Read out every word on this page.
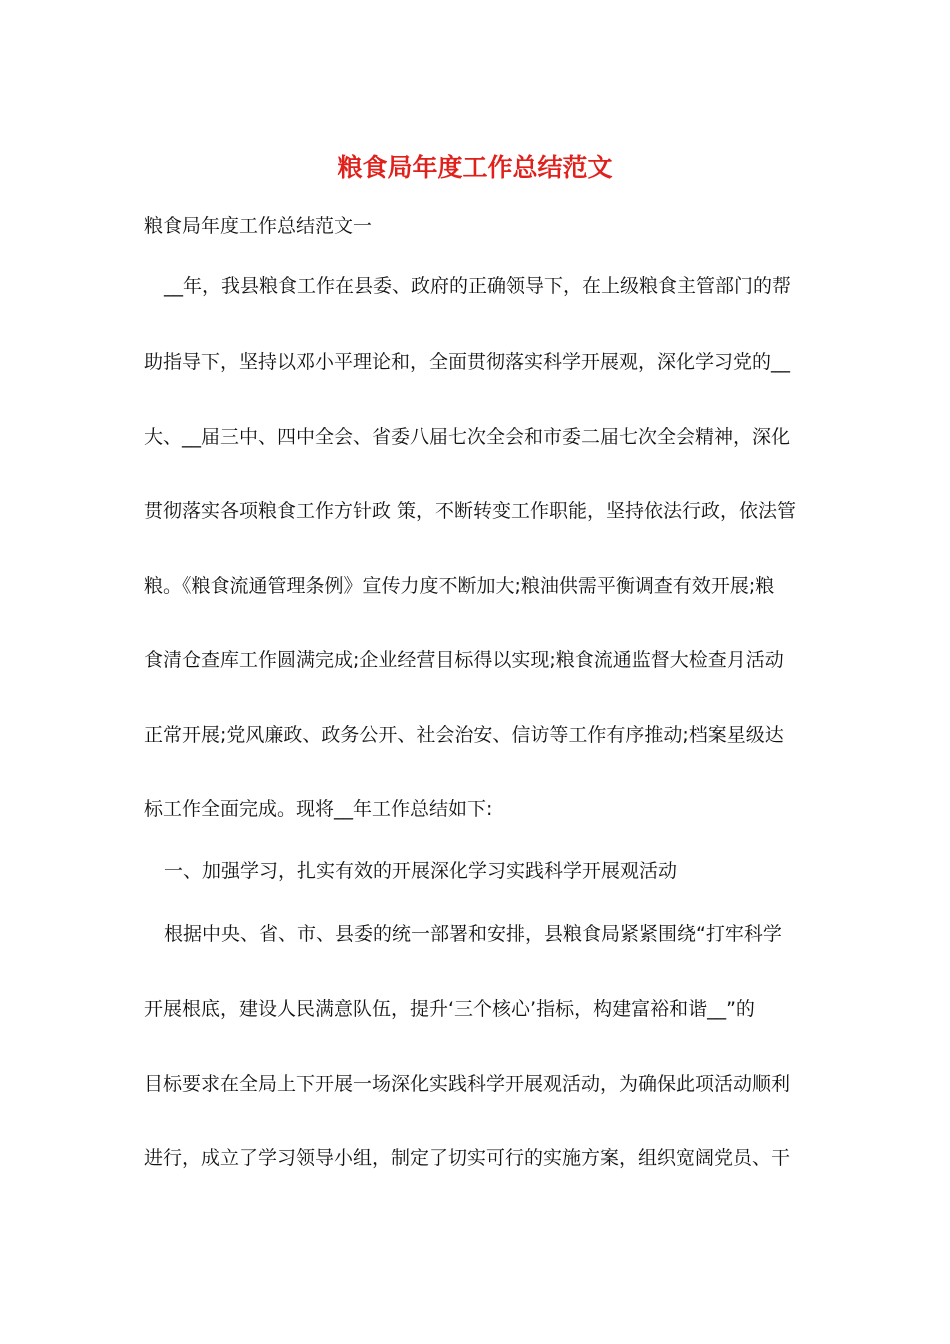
粮食局年度工作总结范文
粮食局年度工作总结范文一
__年，我县粮食工作在县委、政府的正确领导下，在上级粮食主管部门的帮
助指导下，坚持以邓小平理论和，全面贯彻落实科学开展观，深化学习党的__
大、__届三中、四中全会、省委八届七次全会和市委二届七次全会精神，深化
贯彻落实各项粮食工作方针政 策，不断转变工作职能，坚持依法行政，依法管
粮。《粮食流通管理条例》宣传力度不断加大;粮油供需平衡调查有效开展;粮
食清仓查库工作圆满完成;企业经营目标得以实现;粮食流通监督大检查月活动
正常开展;党风廉政、政务公开、社会治安、信访等工作有序推动;档案星级达
标工作全面完成。现将__年工作总结如下:
一、加强学习，扎实有效的开展深化学习实践科学开展观活动
根据中央、省、市、县委的统一部署和安排，县粮食局紧紧围绕“打牢科学
开展根底，建设人民满意队伍，提升‘三个核心’指标，构建富裕和谐__”的
目标要求在全局上下开展一场深化实践科学开展观活动，为确保此项活动顺利
进行，成立了学习领导小组，制定了切实可行的实施方案，组织宽阔党员、干
